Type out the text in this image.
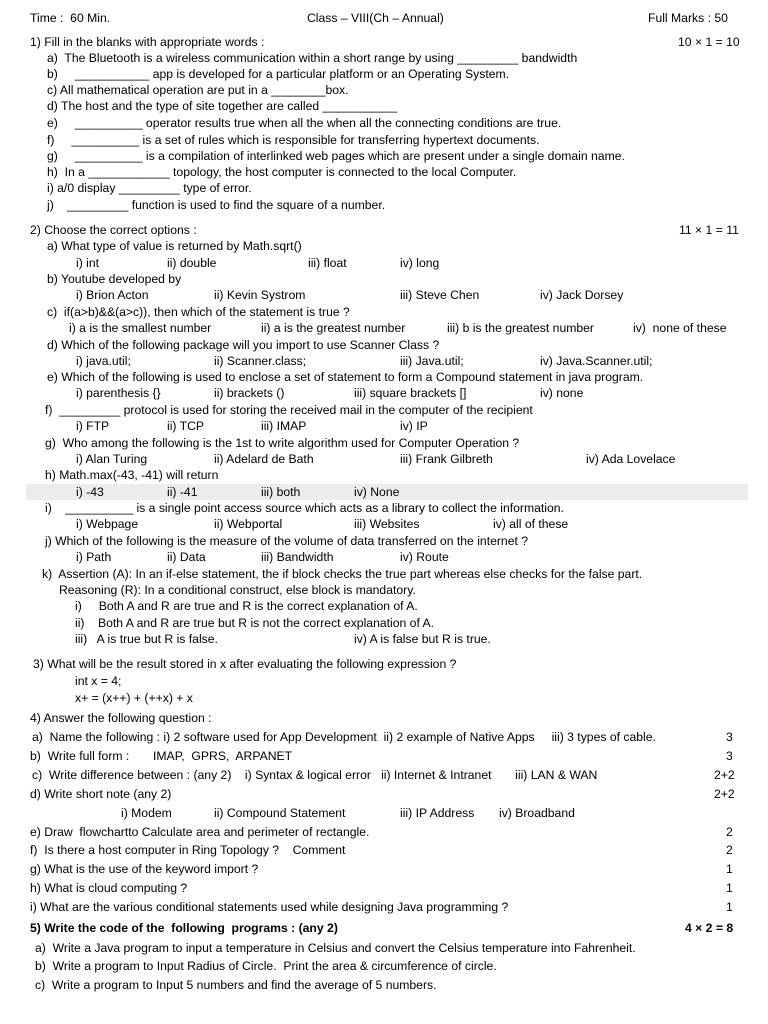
Time :  60 Min.	Class – VIII(Ch – Annual)	Full Marks : 50
1) Fill in the blanks with appropriate words :	10 × 1 = 10
a)  The Bluetooth is a wireless communication within a short range by using _________ bandwidth
b)     ___________ app is developed for a particular platform or an Operating System.
c) All mathematical operation are put in a ________box.
d) The host and the type of site together are called ___________
e)     __________ operator results true when all the when all the connecting conditions are true.
f)     __________ is a set of rules which is responsible for transferring hypertext documents.
g)     __________ is a compilation of interlinked web pages which are present under a single domain name.
h)  In a ____________ topology, the host computer is connected to the local Computer.
i) a/0 display _________ type of error.
j)    _________ function is used to find the square of a number.
2) Choose the correct options :	11 × 1 = 11
a) What type of value is returned by Math.sqrt()
i) int	ii) double	iii) float	iv) long
b) Youtube developed by
i) Brion Acton	ii) Kevin Systrom	iii) Steve Chen	iv) Jack Dorsey
c)  if(a>b)&&(a>c)), then which of the statement is true ?
i) a is the smallest number	ii) a is the greatest number	iii) b is the greatest number	iv)  none of these
d) Which of the following package will you import to use Scanner Class ?
i) java.util;	ii) Scanner.class;	iii) Java.util;	iv) Java.Scanner.util;
e) Which of the following is used to enclose a set of statement to form a Compound statement in java program.
i) parenthesis {}	ii) brackets ()	iii) square brackets []	iv) none
f)  _________ protocol is used for storing the received mail in the computer of the recipient
i) FTP	ii) TCP	iii) IMAP	iv) IP
g)  Who among the following is the 1st to write algorithm used for Computer Operation ?
i) Alan Turing	ii) Adelard de Bath	iii) Frank Gilbreth	iv) Ada Lovelace
h) Math.max(-43, -41) will return
i) -43	ii) -41	iii) both	iv) None
i)    __________ is a single point access source which acts as a library to collect the information.
i) Webpage	ii) Webportal	iii) Websites	iv) all of these
j) Which of the following is the measure of the volume of data transferred on the internet ?
i) Path	ii) Data	iii) Bandwidth	iv) Route
k)  Assertion (A): In an if-else statement, the if block checks the true part whereas else checks for the false part.
Reasoning (R): In a conditional construct, else block is mandatory.
i)     Both A and R are true and R is the correct explanation of A.
ii)    Both A and R are true but R is not the correct explanation of A.
iii)   A is true but R is false.	iv) A is false but R is true.
3) What will be the result stored in x after evaluating the following expression ?
int x = 4;
x+ = (x++) + (++x) + x
4) Answer the following question :
a)  Name the following : i) 2 software used for App Development  ii) 2 example of Native Apps     iii) 3 types of cable.	3
b)  Write full form :       IMAP,  GPRS,  ARPANET	3
c)  Write difference between : (any 2)    i) Syntax & logical error   ii) Internet & Intranet       iii) LAN & WAN	2+2
d) Write short note (any 2)	2+2
i) Modem	ii) Compound Statement	iii) IP Address iv) Broadband
e) Draw  flowchartto Calculate area and perimeter of rectangle.	2
f)  Is there a host computer in Ring Topology ?    Comment	2
g) What is the use of the keyword import ?	1
h) What is cloud computing ?	1
i) What are the various conditional statements used while designing Java programming ?	1
5) Write the code of the  following  programs : (any 2)	4 × 2 = 8
a)  Write a Java program to input a temperature in Celsius and convert the Celsius temperature into Fahrenheit.
b)  Write a program to Input Radius of Circle.  Print the area & circumference of circle.
c)  Write a program to Input 5 numbers and find the average of 5 numbers.
